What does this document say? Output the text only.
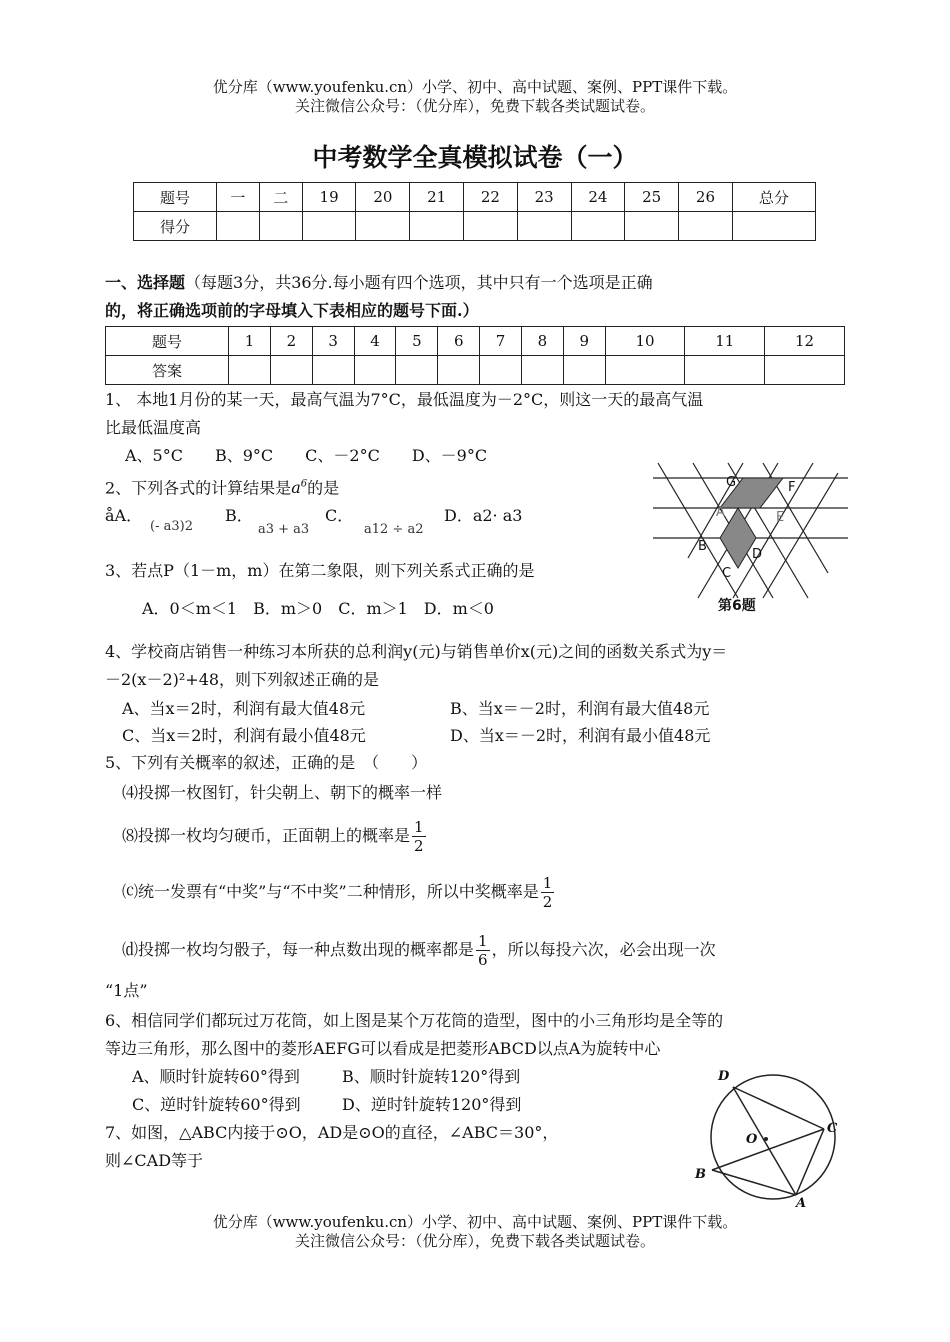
优分库（www.youfenku.cn）小学、初中、高中试题、案例、PPT课件下载。
关注微信公众号：（优分库），免费下载各类试题试卷。
中考数学全真模拟试卷（一）
题号	一	二	19	20	21	22	23	24	25	26	总分
得分											
一、选择题（每题3分，共36分.每小题有四个选项，其中只有一个选项是正确
的，将正确选项前的字母填入下表相应的题号下面.）
题号	1	2	3	4	5	6	7	8	9	10	11	12
答案												
1、 本地1月份的某一天，最高气温为7°C，最低温度为－2°C，则这一天的最高气温
比最低温度高
A、5°C　　B、9°C　　C、－2°C　　D、－9°C
2、下列各式的计算结果是$a^6$的是
åA．
(- a3)2
B．
a3 + a3
C．
a12 ÷ a2
D．a2· a3
3、若点P（1－m，m）在第二象限，则下列关系式正确的是
A．0＜m＜1　B．m＞0　C．m＞1　D．m＜0
4、学校商店销售一种练习本所获的总利润y(元)与销售单价x(元)之间的函数关系式为y＝
－2(x－2)²+48，则下列叙述正确的是
A、当x＝2时，利润有最大值48元	B、当x＝－2时，利润有最大值48元
C、当x＝2时，利润有最小值48元	D、当x＝－2时，利润有最小值48元
5、下列有关概率的叙述，正确的是　（　　）
⑷投掷一枚图钉，针尖朝上、朝下的概率一样
⑻投掷一枚均匀硬币，正面朝上的概率是 $\frac{1}{2}$
⒞统一发票有“中奖”与“不中奖”二种情形，所以中奖概率是 $\frac{1}{2}$
⒟投掷一枚均匀骰子，每一种点数出现的概率都是 $\frac{1}{6}$ ，所以每投六次，必会出现一次
“1点”
6、相信同学们都玩过万花筒，如上图是某个万花筒的造型，图中的小三角形均是全等的
等边三角形，那么图中的菱形AEFG可以看成是把菱形ABCD以点A为旋转中心
A、顺时针旋转60°得到	B、顺时针旋转120°得到
C、逆时针旋转60°得到	D、逆时针旋转120°得到
7、如图，△ABC内接于⊙O，AD是⊙O的直径，∠ABC＝30°，
则∠CAD等于
G	F
A	E
B
D
C
第6题
D
C
O
B
A
优分库（www.youfenku.cn）小学、初中、高中试题、案例、PPT课件下载。
关注微信公众号：（优分库），免费下载各类试题试卷。
